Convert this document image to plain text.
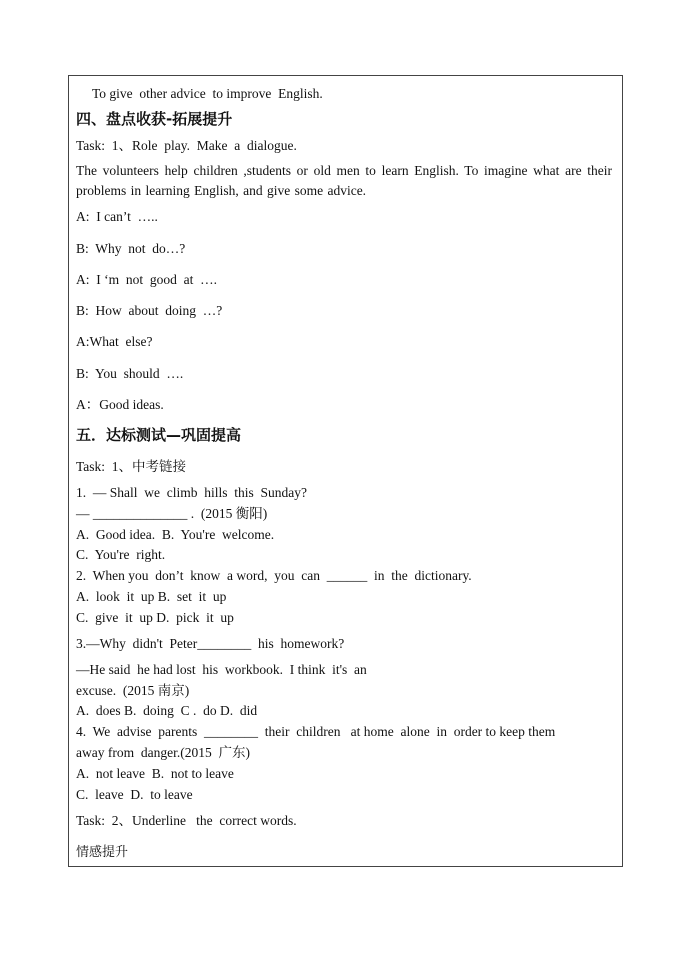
To give  other advice  to improve  English.
四、盘点收获-拓展提升
Task:  1、Role  play.  Make  a  dialogue.
The volunteers help children ,students or old men to learn English. To imagine what are their problems in learning English, and give some advice.
A:  I can’t  …..
B:  Why  not  do…?
A:  I ‘m  not  good  at  ….
B:  How  about  doing  …?
A:What  else?
B:  You  should  ….
A：Good ideas.
五．达标测试—巩固提高
Task:  1、中考链接
1.  — Shall  we  climb  hills  this  Sunday?
— ______________ .  (2015 衡阳)
A.  Good idea.  B.  You're  welcome.
C.  You're  right.
2.  When you  don’t  know  a word,  you  can  ______  in  the  dictionary.
A.  look  it  up B.  set  it  up
C.  give  it  up D.  pick  it  up
3.—Why  didn't  Peter________  his  homework?
—He said  he had lost  his  workbook.  I think  it's  an
excuse.  (2015 南京)
A.  does B.  doing  C .  do D.  did
4.  We  advise  parents  ________  their  children   at home  alone  in  order to keep them
away from  danger.(2015  广东)
A.  not leave  B.  not to leave
C.  leave  D.  to leave
Task:  2、Underline   the  correct words.
情感提升
